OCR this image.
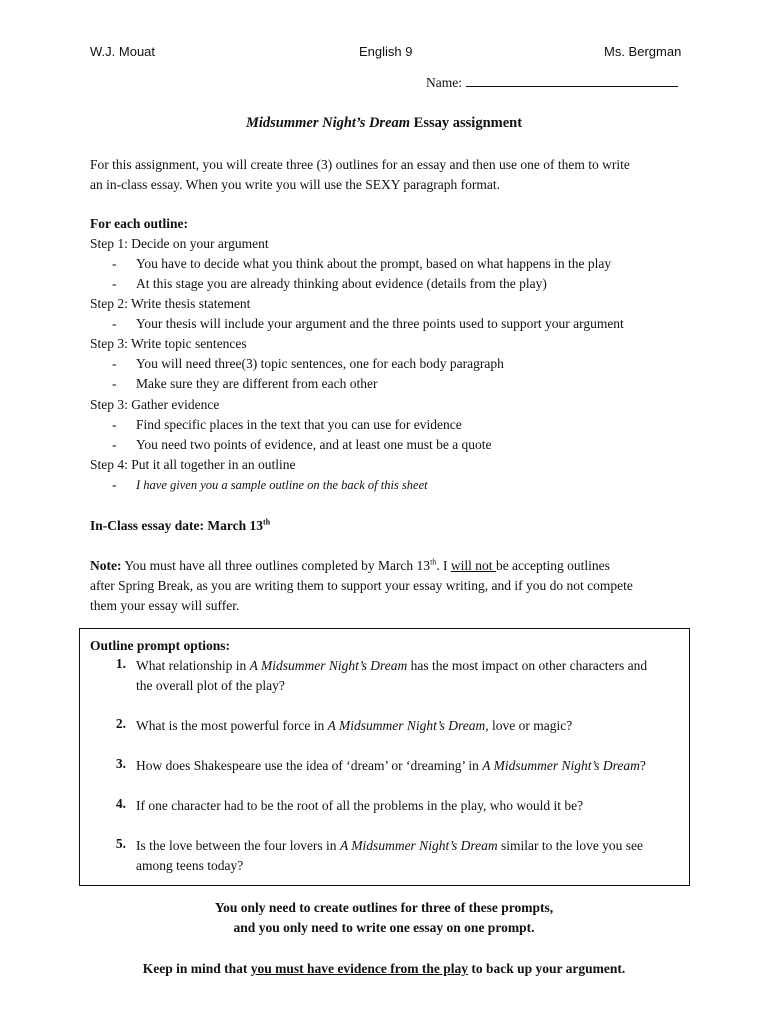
W.J. Mouat	English 9	Ms. Bergman
Name:
Midsummer Night’s Dream Essay assignment
For this assignment, you will create three (3) outlines for an essay and then use one of them to write
an in-class essay. When you write you will use the SEXY paragraph format.
For each outline:
Step 1: Decide on your argument
- You have to decide what you think about the prompt, based on what happens in the play
- At this stage you are already thinking about evidence (details from the play)
Step 2: Write thesis statement
- Your thesis will include your argument and the three points used to support your argument
Step 3: Write topic sentences
- You will need three(3) topic sentences, one for each body paragraph
- Make sure they are different from each other
Step 3: Gather evidence
- Find specific places in the text that you can use for evidence
- You need two points of evidence, and at least one must be a quote
Step 4: Put it all together in an outline
- I have given you a sample outline on the back of this sheet
In-Class essay date: March 13th
Note: You must have all three outlines completed by March 13th. I will not be accepting outlines
after Spring Break, as you are writing them to support your essay writing, and if you do not compete
them your essay will suffer.
Outline prompt options:
1. What relationship in A Midsummer Night’s Dream has the most impact on other characters and
the overall plot of the play?
2. What is the most powerful force in A Midsummer Night’s Dream, love or magic?
3. How does Shakespeare use the idea of ‘dream’ or ‘dreaming’ in A Midsummer Night’s Dream?
4. If one character had to be the root of all the problems in the play, who would it be?
5. Is the love between the four lovers in A Midsummer Night’s Dream similar to the love you see
among teens today?
You only need to create outlines for three of these prompts,
and you only need to write one essay on one prompt.
Keep in mind that you must have evidence from the play to back up your argument.
